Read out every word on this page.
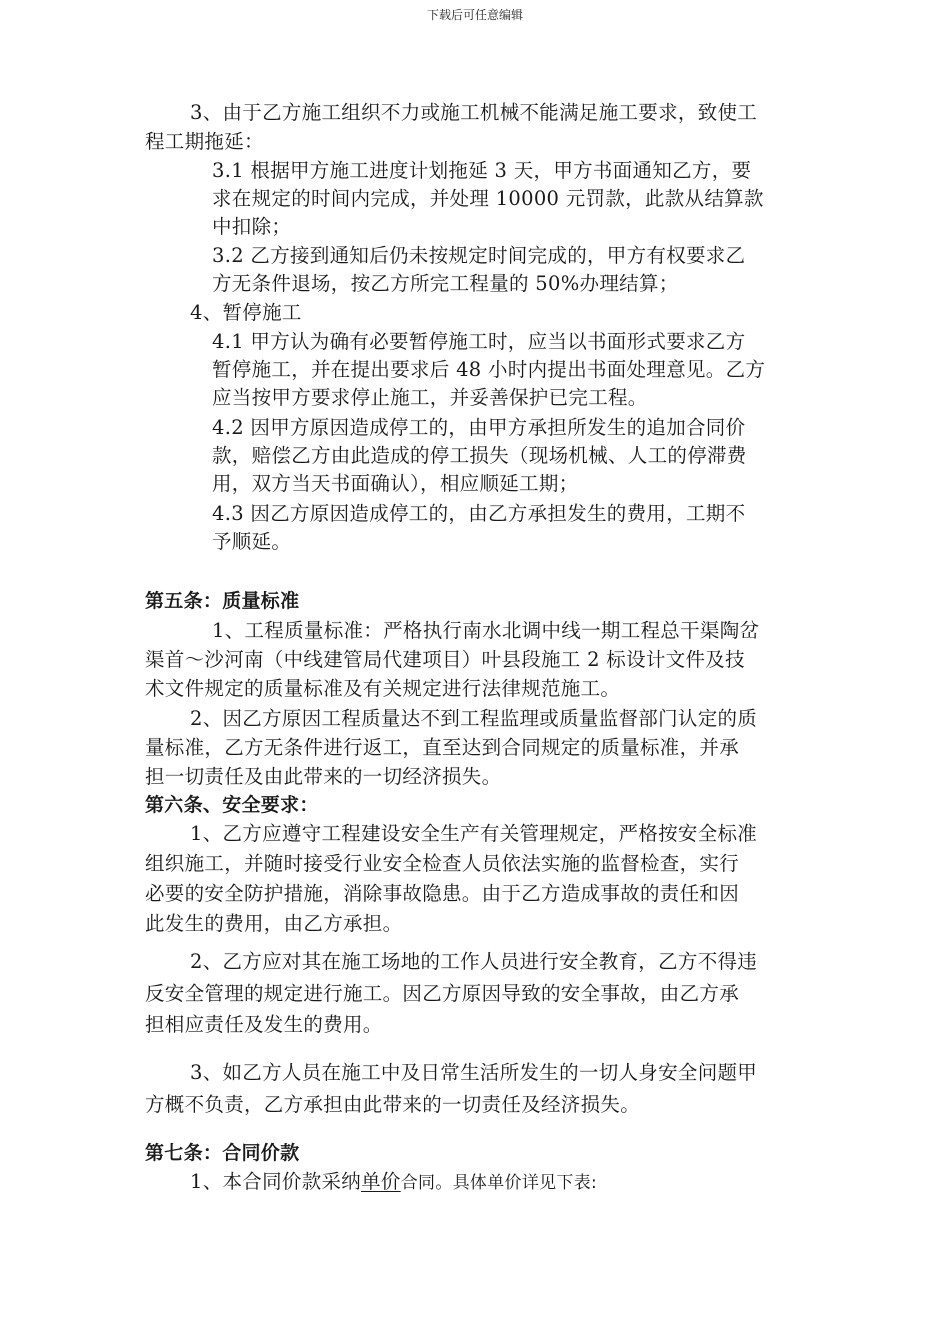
下载后可任意编辑
3、由于乙方施工组织不力或施工机械不能满足施工要求，致使工
程工期拖延：
3.1 根据甲方施工进度计划拖延 3 天，甲方书面通知乙方，要
求在规定的时间内完成，并处理 10000 元罚款，此款从结算款
中扣除；
3.2 乙方接到通知后仍未按规定时间完成的，甲方有权要求乙
方无条件退场，按乙方所完工程量的 50%办理结算；
4、暂停施工
4.1 甲方认为确有必要暂停施工时，应当以书面形式要求乙方
暂停施工，并在提出要求后 48 小时内提出书面处理意见。乙方
应当按甲方要求停止施工，并妥善保护已完工程。
4.2 因甲方原因造成停工的，由甲方承担所发生的追加合同价
款，赔偿乙方由此造成的停工损失（现场机械、人工的停滞费
用，双方当天书面确认），相应顺延工期；
4.3 因乙方原因造成停工的，由乙方承担发生的费用，工期不
予顺延。
第五条：质量标准
1、工程质量标准：严格执行南水北调中线一期工程总干渠陶岔
渠首～沙河南（中线建管局代建项目）叶县段施工 2 标设计文件及技
术文件规定的质量标准及有关规定进行法律规范施工。
2、因乙方原因工程质量达不到工程监理或质量监督部门认定的质
量标准，乙方无条件进行返工，直至达到合同规定的质量标准，并承
担一切责任及由此带来的一切经济损失。
第六条、安全要求：
1、乙方应遵守工程建设安全生产有关管理规定，严格按安全标准
组织施工，并随时接受行业安全检查人员依法实施的监督检查，实行
必要的安全防护措施，消除事故隐患。由于乙方造成事故的责任和因
此发生的费用，由乙方承担。
2、乙方应对其在施工场地的工作人员进行安全教育，乙方不得违
反安全管理的规定进行施工。因乙方原因导致的安全事故，由乙方承
担相应责任及发生的费用。
3、如乙方人员在施工中及日常生活所发生的一切人身安全问题甲
方概不负责，乙方承担由此带来的一切责任及经济损失。
第七条：合同价款
1、本合同价款采纳单价合同。具体单价详见下表:
